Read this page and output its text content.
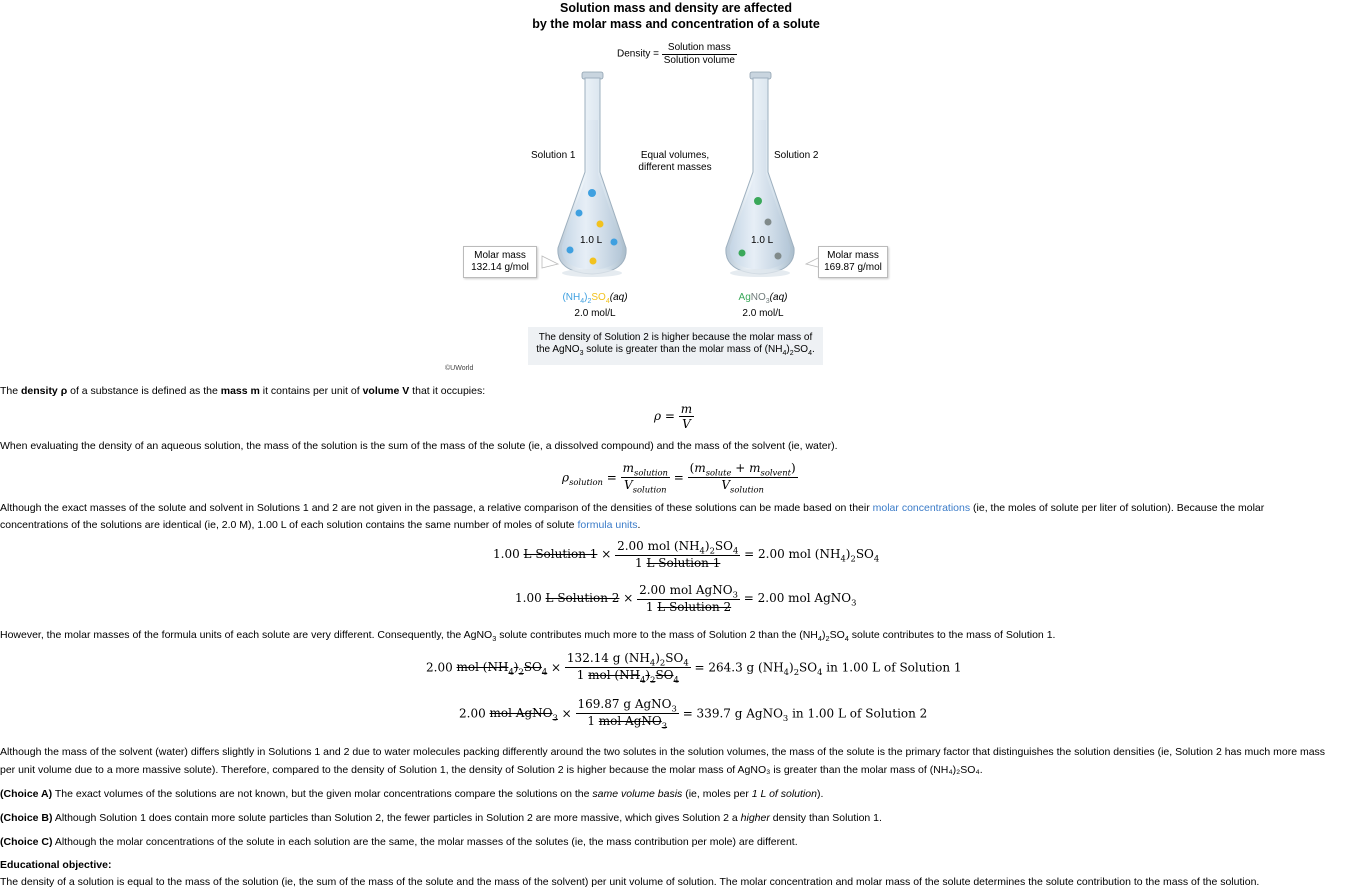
Solution mass and density are affected
by the molar mass and concentration of a solute
Density = $\frac{\text{Solution mass}}{\text{Solution volume}}$
Solution 1	Solution 2
Equal volumes,
different masses
1.0 L	1.0 L
Molar mass
132.14 g/mol
Molar mass
169.87 g/mol
$(NH_4)_2SO_4(aq)$
2.0 mol/L
AgNO$_3$(aq)
2.0 mol/L
The density of Solution 2 is higher because the molar mass of
the AgNO$_3$ solute is greater than the molar mass of $(NH_4)_2SO_4$.
©UWorld
The density ρ of a substance is defined as the mass m it contains per unit of volume V that it occupies:
$\rho = \frac{m}{V}$
When evaluating the density of an aqueous solution, the mass of the solution is the sum of the mass of the solute (ie, a dissolved compound) and the mass of the solvent (ie, water).
$\rho_{solution} = \frac{m_{solution}}{V_{solution}} = \frac{(m_{solute} + m_{solvent})}{V_{solution}}$
Although the exact masses of the solute and solvent in Solutions 1 and 2 are not given in the passage, a relative comparison of the densities of these solutions can be made based on their molar concentrations (ie, the moles of solute per liter of solution). Because the molar
concentrations of the solutions are identical (ie, 2.0 M), 1.00 L of each solution contains the same number of moles of solute formula units.
1.00 L Solution $1 \times \frac{2.00 mol (NH_4)_2SO_4}{\text{1 L Solution 1}} = 2.00$ mol $(NH_4)_2SO_4$
1.00 L Solution $2 \times \frac{2.00 mol AgNO_3}{\text{1 L Solution 2}} = 2.00$ mol AgNO$_3$
However, the molar masses of the formula units of each solute are very different. Consequently, the AgNO$_3$ solute contributes much more to the mass of Solution 2 than the $(NH_4)_2SO_4$ solute contributes to the mass of Solution 1.
2.00 mol $(NH_4)_2SO_4 \times \frac{132.14 g (NH_4)_2SO_4}{1 mol (NH_4)_2SO_4} = 264.3$ g $(NH_4)_2SO_4$ in 1.00 L of Solution 1
2.00 mol AgNO$_3$ × $\frac{169.87 g AgNO_3}{1 mol AgNO_3} = 339.7$ g AgNO$_3$ in 1.00 L of Solution 2
Although the mass of the solvent (water) differs slightly in Solutions 1 and 2 due to water molecules packing differently around the two solutes in the solution volumes, the mass of the solute is the primary factor that distinguishes the solution densities (ie, Solution 2 has much more mass
per unit volume due to a more massive solute). Therefore, compared to the density of Solution 1, the density of Solution 2 is higher because the molar mass of AgNO₃ is greater than the molar mass of (NH₄)₂SO₄.
(Choice A) The exact volumes of the solutions are not known, but the given molar concentrations compare the solutions on the same volume basis (ie, moles per 1 L of solution).
(Choice B) Although Solution 1 does contain more solute particles than Solution 2, the fewer particles in Solution 2 are more massive, which gives Solution 2 a higher density than Solution 1.
(Choice C) Although the molar concentrations of the solute in each solution are the same, the molar masses of the solutes (ie, the mass contribution per mole) are different.
Educational objective:
The density of a solution is equal to the mass of the solution (ie, the sum of the mass of the solute and the mass of the solvent) per unit volume of solution. The molar concentration and molar mass of the solute determines the solute contribution to the mass of the solution.
